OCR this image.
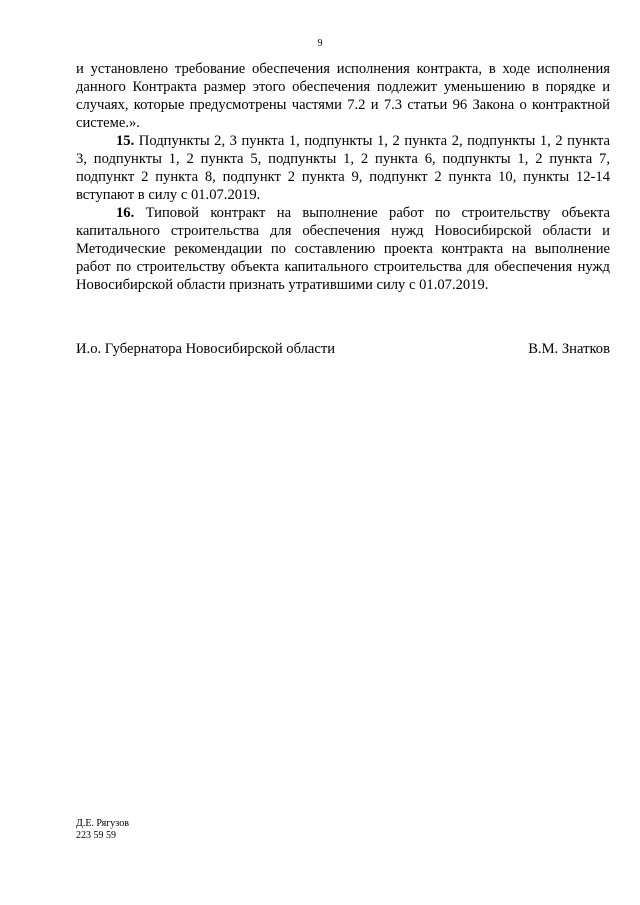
9

и установлено требование обеспечения исполнения контракта, в ходе исполнения данного Контракта размер этого обеспечения подлежит уменьшению в порядке и случаях, которые предусмотрены частями 7.2 и 7.3 статьи 96 Закона о контрактной системе.».

15. Подпункты 2, 3 пункта 1, подпункты 1, 2 пункта 2, подпункты 1, 2 пункта 3, подпункты 1, 2 пункта 5, подпункты 1, 2 пункта 6, подпункты 1, 2 пункта 7, подпункт 2 пункта 8, подпункт 2 пункта 9, подпункт 2 пункта 10, пункты 12-14 вступают в силу с 01.07.2019.

16. Типовой контракт на выполнение работ по строительству объекта капитального строительства для обеспечения нужд Новосибирской области и Методические рекомендации по составлению проекта контракта на выполнение работ по строительству объекта капитального строительства для обеспечения нужд Новосибирской области признать утратившими силу с 01.07.2019.

И.о. Губернатора Новосибирской области	В.М. Знатков
Д.Е. Рягузов
223 59 59
